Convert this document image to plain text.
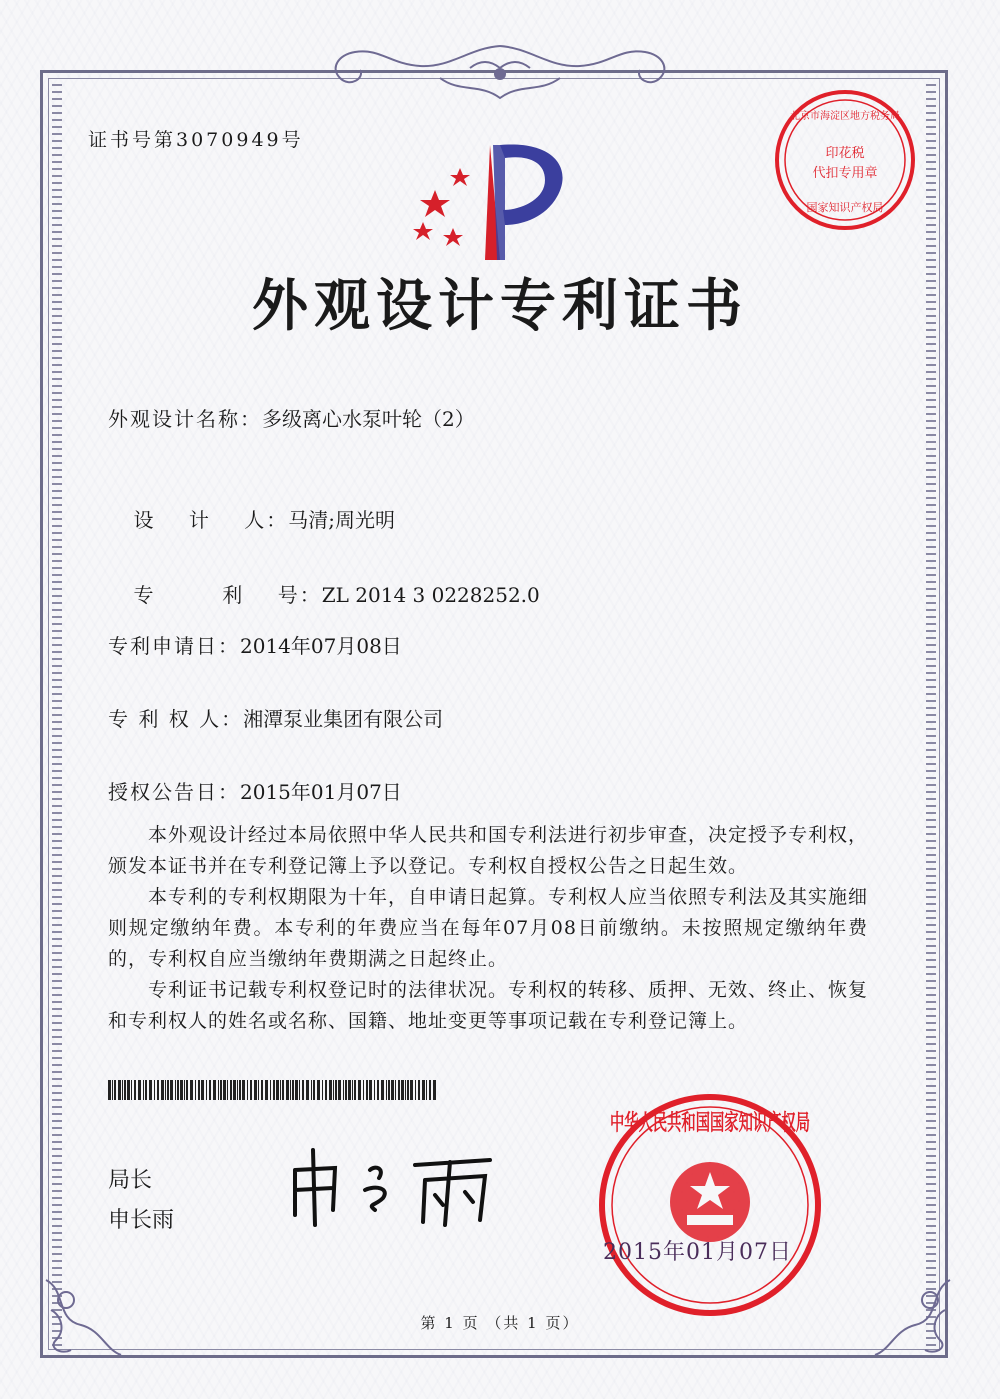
证书号第3070949号
印花税
代扣专用章
北京市海淀区地方税务局
国家知识产权局
外观设计专利证书
外观设计名称：多级离心水泵叶轮（2）

设    计    人：马清;周光明

专        利    号：ZL 2014 3 0228252.0

专利申请日：2014年07月08日
专 利 权 人：湘潭泵业集团有限公司
授权公告日：2015年01月07日
本外观设计经过本局依照中华人民共和国专利法进行初步审查，决定授予专利权，颁发本证书并在专利登记簿上予以登记。专利权自授权公告之日起生效。
本专利的专利权期限为十年，自申请日起算。专利权人应当依照专利法及其实施细则规定缴纳年费。本专利的年费应当在每年07月08日前缴纳。未按照规定缴纳年费的，专利权自应当缴纳年费期满之日起终止。
专利证书记载专利权登记时的法律状况。专利权的转移、质押、无效、终止、恢复和专利权人的姓名或名称、国籍、地址变更等事项记载在专利登记簿上。
局长
申长雨
中华人民共和国国家知识产权局
2015年01月07日
第 1 页 （共 1 页）
